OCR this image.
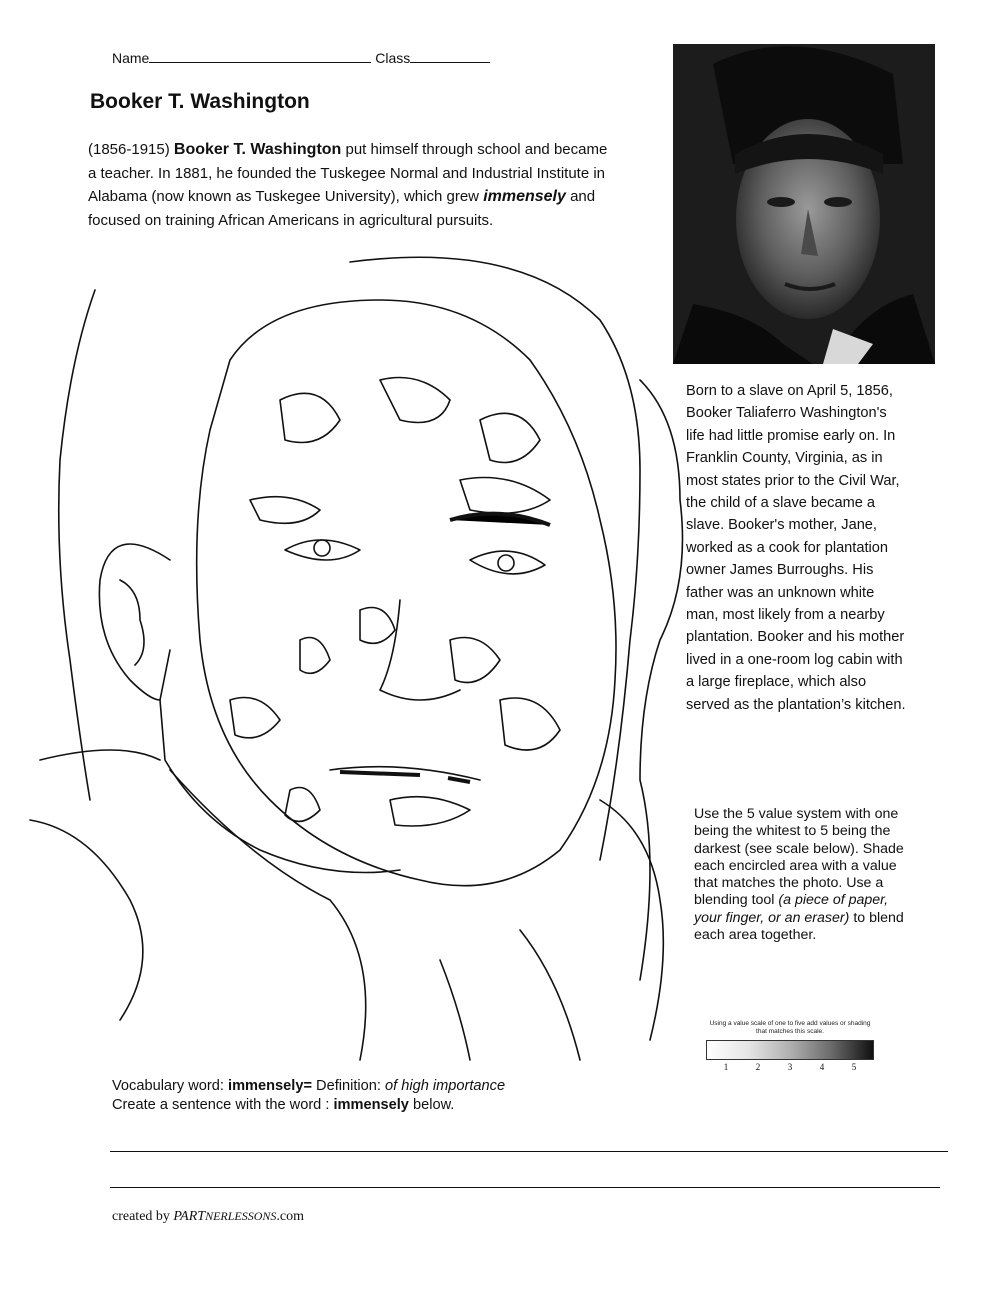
Name	Class
Booker T. Washington
(1856-1915) Booker T. Washington put himself through school and became a teacher. In 1881, he founded the Tuskegee Normal and Industrial Institute in Alabama (now known as Tuskegee University), which grew immensely and focused on training African Americans in agricultural pursuits.
Born to a slave on April 5, 1856, Booker Taliaferro Washington's life had little promise early on. In Franklin County, Virginia, as in most states prior to the Civil War, the child of a slave became a slave. Booker's mother, Jane, worked as a cook for plantation owner James Burroughs. His father was an unknown white man, most likely from a nearby plantation. Booker and his mother lived in a one-room log cabin with a large fireplace, which also served as the plantation’s kitchen.
Use the 5 value system with one being the whitest to 5 being the darkest (see scale below). Shade each encircled area with a value that matches the photo. Use a blending tool (a piece of paper, your finger, or an eraser) to blend each area together.
Using a value scale of one to five add values or shading that matches this scale.
1	2	3	4	5
Vocabulary word: immensely= Definition: of high importance
Create a sentence with the word : immensely below.
created by PARTNERLESSONS.com
